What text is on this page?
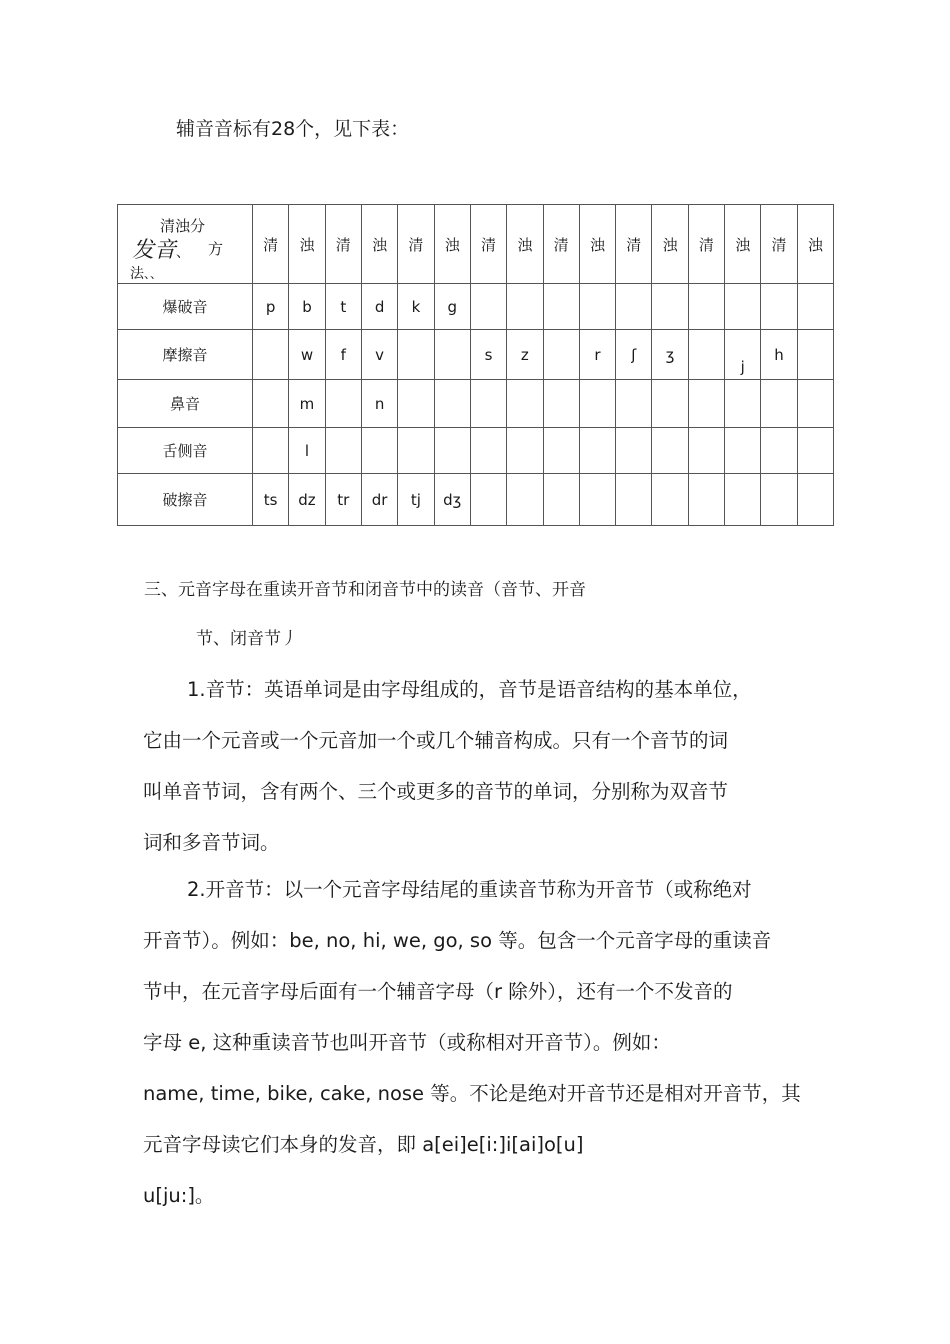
辅音音标有28个，见下表：
清浊分
发音、 方
法、、	清	浊	清	浊	清	浊	清	浊	清	浊	清	浊	清	浊	清	浊
爆破音	p	b	t	d	k	g										
摩擦音		w	f	v			s	z		r	ʃ	ʒ		j	h	
鼻音		m		n												
舌侧音		l														
破擦音	ts	dz	tr	dr	tj	dʒ										
三、元音字母在重读开音节和闭音节中的读音（音节、开音
节、闭音节丿
1.音节：英语单词是由字母组成的，音节是语音结构的基本单位，
它由一个元音或一个元音加一个或几个辅音构成。只有一个音节的词
叫单音节词，含有两个、三个或更多的音节的单词，分别称为双音节
词和多音节词。
2.开音节：以一个元音字母结尾的重读音节称为开音节（或称绝对
开音节）。例如：be, no, hi, we, go, so 等。包含一个元音字母的重读音
节中，在元音字母后面有一个辅音字母（r 除外），还有一个不发音的
字母 e, 这种重读音节也叫开音节（或称相对开音节）。例如：
name, time, bike, cake, nose 等。不论是绝对开音节还是相对开音节，其
元音字母读它们本身的发音，即 a[ei]e[i:]i[ai]o[u]
u[ju:]。
